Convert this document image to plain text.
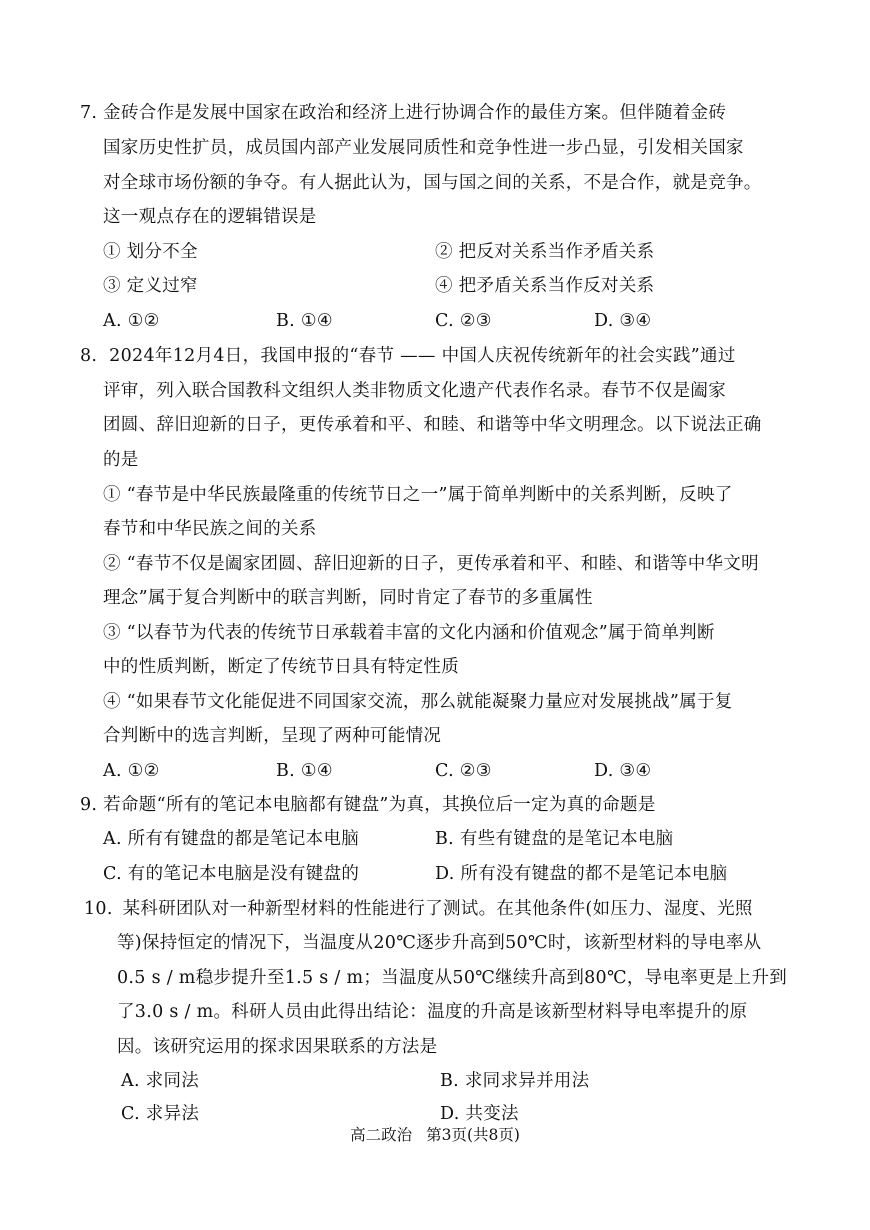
7. 金砖合作是发展中国家在政治和经济上进行协调合作的最佳方案。但伴随着金砖
国家历史性扩员，成员国内部产业发展同质性和竞争性进一步凸显，引发相关国家
对全球市场份额的争夺。有人据此认为，国与国之间的关系，不是合作，就是竞争。
这一观点存在的逻辑错误是
① 划分不全	② 把反对关系当作矛盾关系
③ 定义过窄	④ 把矛盾关系当作反对关系
A. ①②	B. ①④	C. ②③	D. ③④
8. 2024年12月4日，我国申报的“春节 —— 中国人庆祝传统新年的社会实践”通过
评审，列入联合国教科文组织人类非物质文化遗产代表作名录。春节不仅是阖家
团圆、辞旧迎新的日子，更传承着和平、和睦、和谐等中华文明理念。以下说法正确
的是
① “春节是中华民族最隆重的传统节日之一”属于简单判断中的关系判断，反映了
春节和中华民族之间的关系
② “春节不仅是阖家团圆、辞旧迎新的日子，更传承着和平、和睦、和谐等中华文明
理念”属于复合判断中的联言判断，同时肯定了春节的多重属性
③ “以春节为代表的传统节日承载着丰富的文化内涵和价值观念”属于简单判断
中的性质判断，断定了传统节日具有特定性质
④ “如果春节文化能促进不同国家交流，那么就能凝聚力量应对发展挑战”属于复
合判断中的选言判断，呈现了两种可能情况
A. ①②	B. ①④	C. ②③	D. ③④
9. 若命题“所有的笔记本电脑都有键盘”为真，其换位后一定为真的命题是
A. 所有有键盘的都是笔记本电脑	B. 有些有键盘的是笔记本电脑
C. 有的笔记本电脑是没有键盘的	D. 所有没有键盘的都不是笔记本电脑
10. 某科研团队对一种新型材料的性能进行了测试。在其他条件(如压力、湿度、光照
等)保持恒定的情况下，当温度从20℃逐步升高到50℃时，该新型材料的导电率从
0.5 s / m稳步提升至1.5 s / m；当温度从50℃继续升高到80℃，导电率更是上升到
了3.0 s / m。科研人员由此得出结论：温度的升高是该新型材料导电率提升的原
因。该研究运用的探求因果联系的方法是
A. 求同法	B. 求同求异并用法
C. 求异法	D. 共变法
高二政治 第3页(共8页)
